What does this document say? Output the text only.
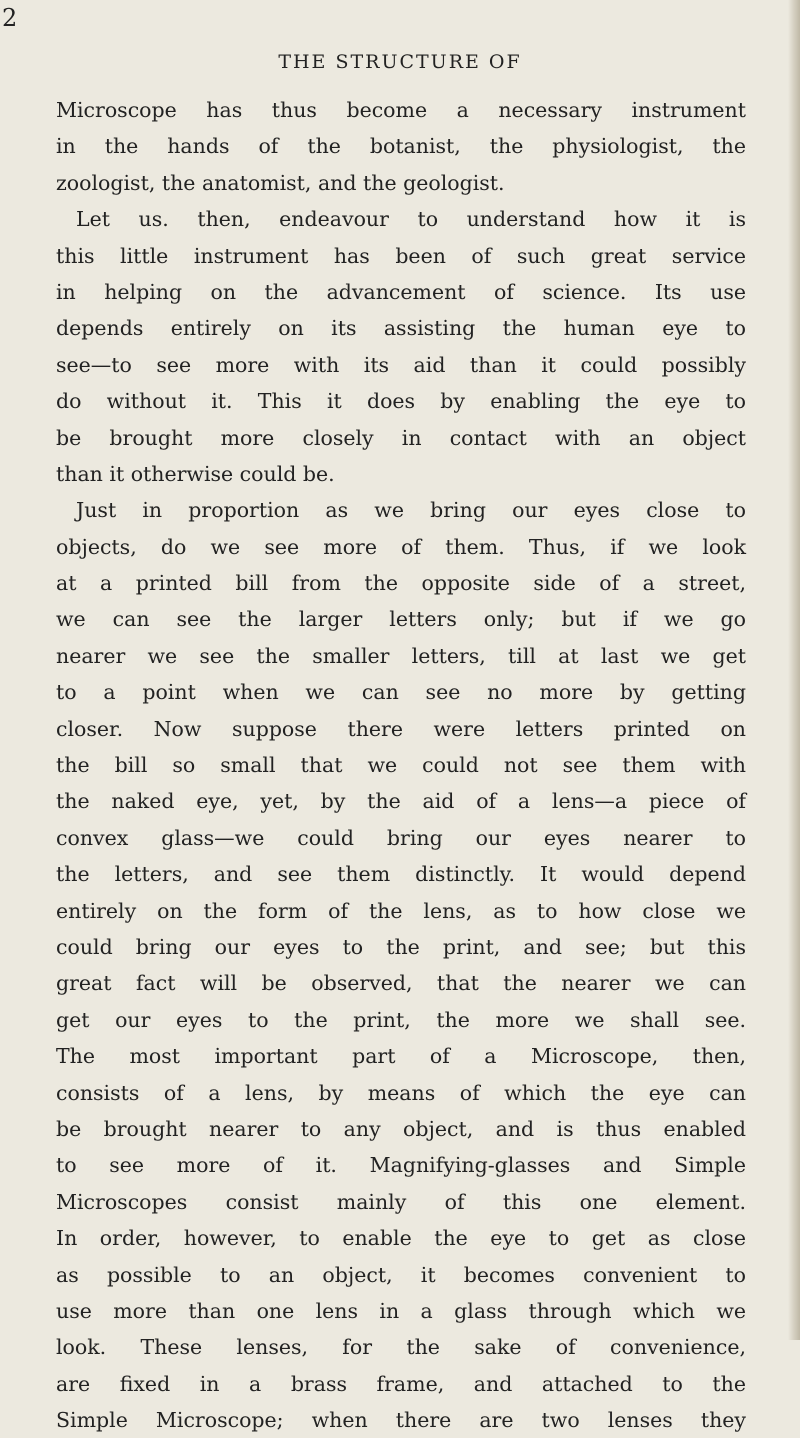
2
THE STRUCTURE OF
Microscope has thus become a necessary instrument
in the hands of the botanist, the physiologist, the
zoologist, the anatomist, and the geologist.
Let us. then, endeavour to understand how it is
this little instrument has been of such great service
in helping on the advancement of science. Its use
depends entirely on its assisting the human eye to
see—to see more with its aid than it could possibly
do without it. This it does by enabling the eye to
be brought more closely in contact with an object
than it otherwise could be.
Just in proportion as we bring our eyes close to
objects, do we see more of them. Thus, if we look
at a printed bill from the opposite side of a street,
we can see the larger letters only; but if we go
nearer we see the smaller letters, till at last we get
to a point when we can see no more by getting
closer. Now suppose there were letters printed on
the bill so small that we could not see them with
the naked eye, yet, by the aid of a lens—a piece of
convex glass—we could bring our eyes nearer to
the letters, and see them distinctly. It would depend
entirely on the form of the lens, as to how close we
could bring our eyes to the print, and see; but this
great fact will be observed, that the nearer we can
get our eyes to the print, the more we shall see.
The most important part of a Microscope, then,
consists of a lens, by means of which the eye can
be brought nearer to any object, and is thus enabled
to see more of it. Magnifying-glasses and Simple
Microscopes consist mainly of this one element.
In order, however, to enable the eye to get as close
as possible to an object, it becomes convenient to
use more than one lens in a glass through which we
look. These lenses, for the sake of convenience,
are fixed in a brass frame, and attached to the
Simple Microscope; when there are two lenses they
